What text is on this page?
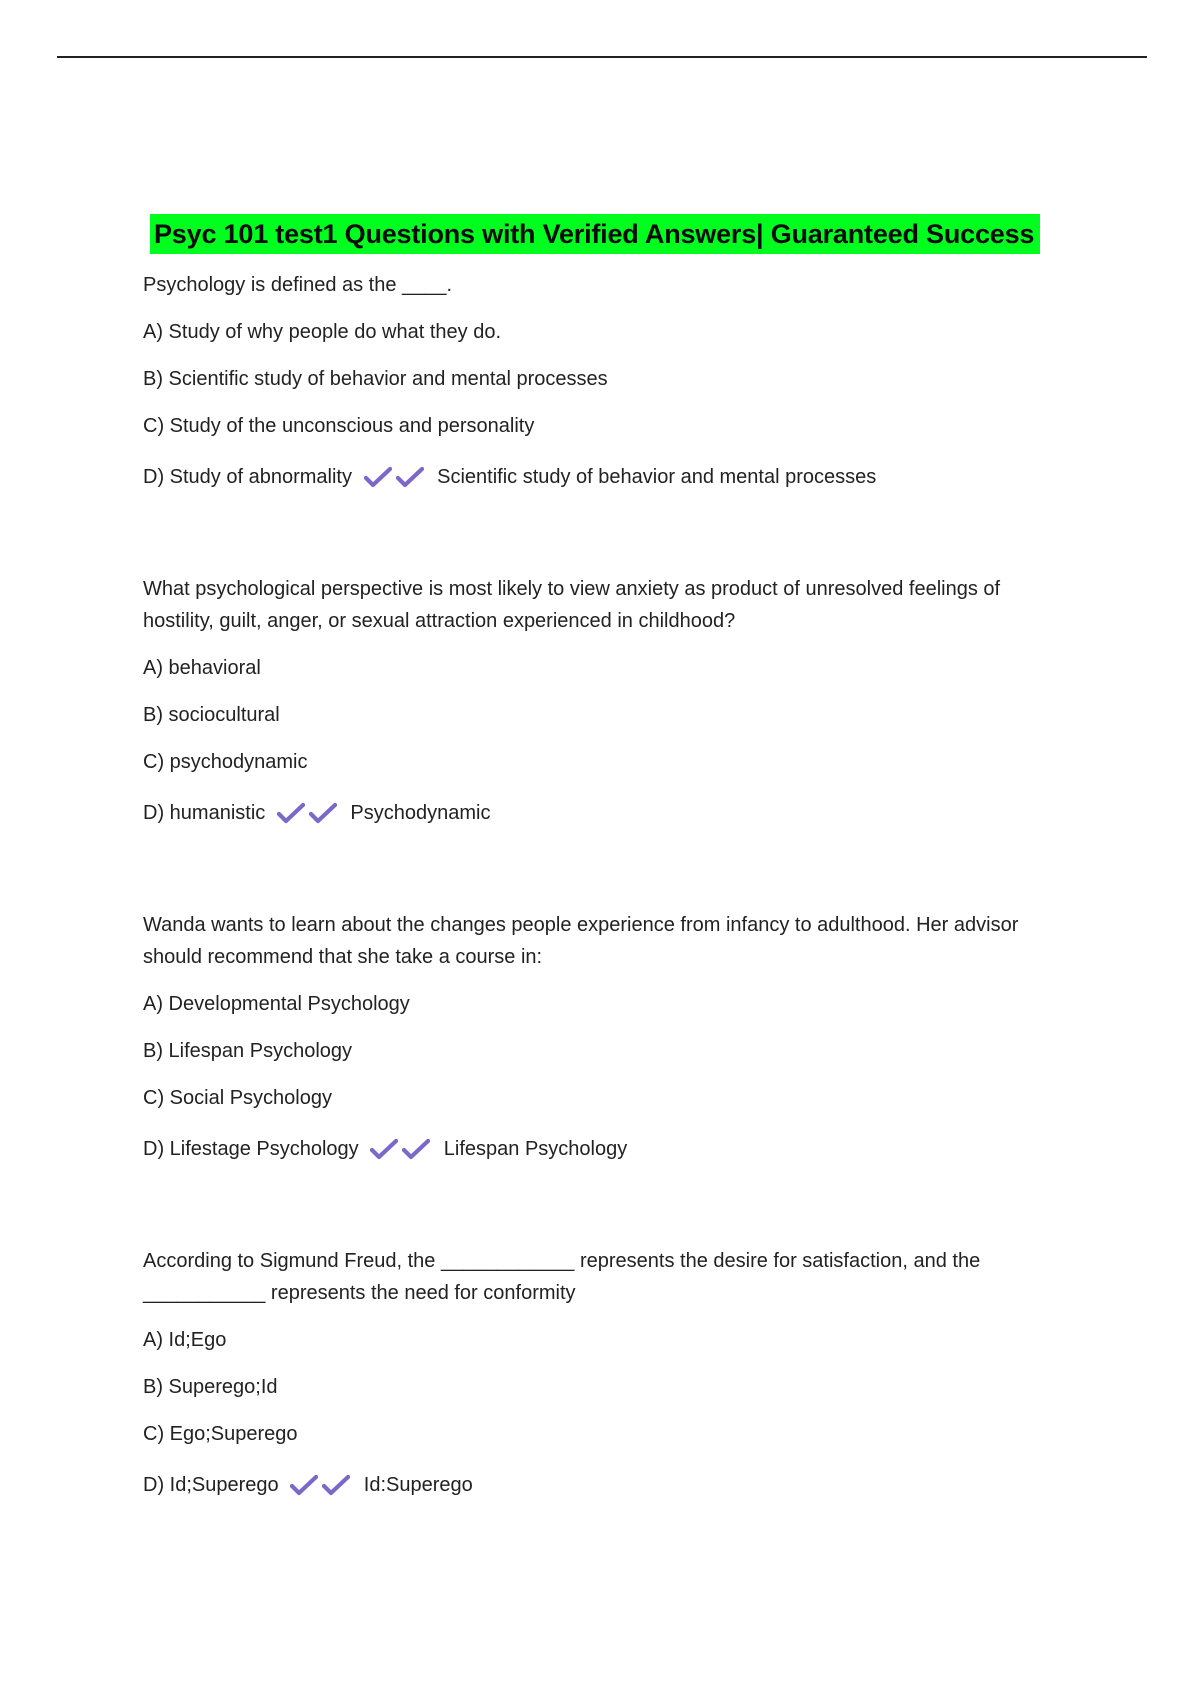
Psyc 101 test1 Questions with Verified Answers| Guaranteed Success
Psychology is defined as the ____.
A) Study of why people do what they do.
B) Scientific study of behavior and mental processes
C) Study of the unconscious and personality
D) Study of abnormality	Scientific study of behavior and mental processes
What psychological perspective is most likely to view anxiety as product of unresolved feelings of hostility, guilt, anger, or sexual attraction experienced in childhood?
A) behavioral
B) sociocultural
C) psychodynamic
D) humanistic	Psychodynamic
Wanda wants to learn about the changes people experience from infancy to adulthood. Her advisor should recommend that she take a course in:
A) Developmental Psychology
B) Lifespan Psychology
C) Social Psychology
D) Lifestage Psychology	Lifespan Psychology
According to Sigmund Freud, the ____________ represents the desire for satisfaction, and the ___________ represents the need for conformity
A) Id;Ego
B) Superego;Id
C) Ego;Superego
D) Id;Superego	Id:Superego
